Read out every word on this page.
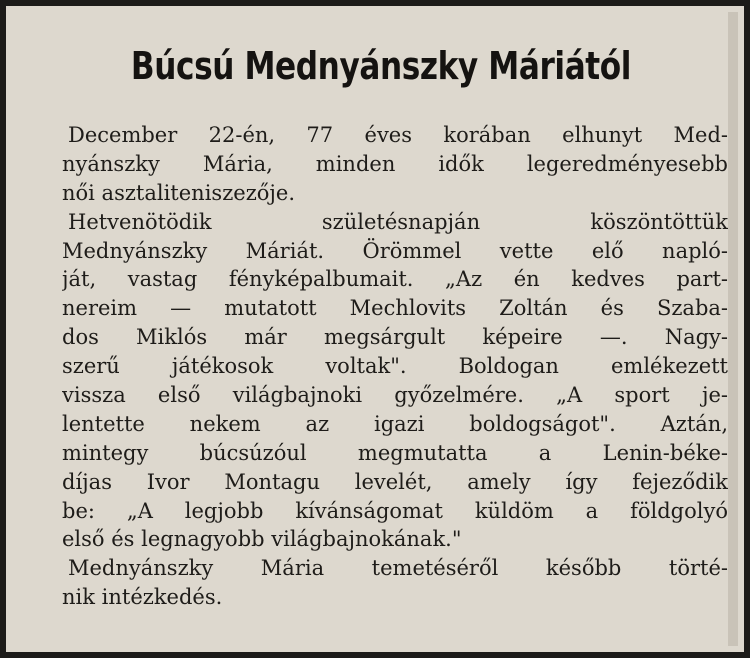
Búcsú Mednyánszky Máriától
December 22-én, 77 éves korában elhunyt Med-
nyánszky Mária, minden idők legeredményesebb
női asztaliteniszezője.
Hetvenötödik születésnapján köszöntöttük
Mednyánszky Máriát. Örömmel vette elő napló-
ját, vastag fényképalbumait. „Az én kedves part-
nereim — mutatott Mechlovits Zoltán és Szaba-
dos Miklós már megsárgult képeire —. Nagy-
szerű játékosok voltak". Boldogan emlékezett
vissza első világbajnoki győzelmére. „A sport je-
lentette nekem az igazi boldogságot". Aztán,
mintegy búcsúzóul megmutatta a Lenin-béke-
díjas Ivor Montagu levelét, amely így fejeződik
be: „A legjobb kívánságomat küldöm a földgolyó
első és legnagyobb világbajnokának."
Mednyánszky Mária temetéséről később törté-
nik intézkedés.
